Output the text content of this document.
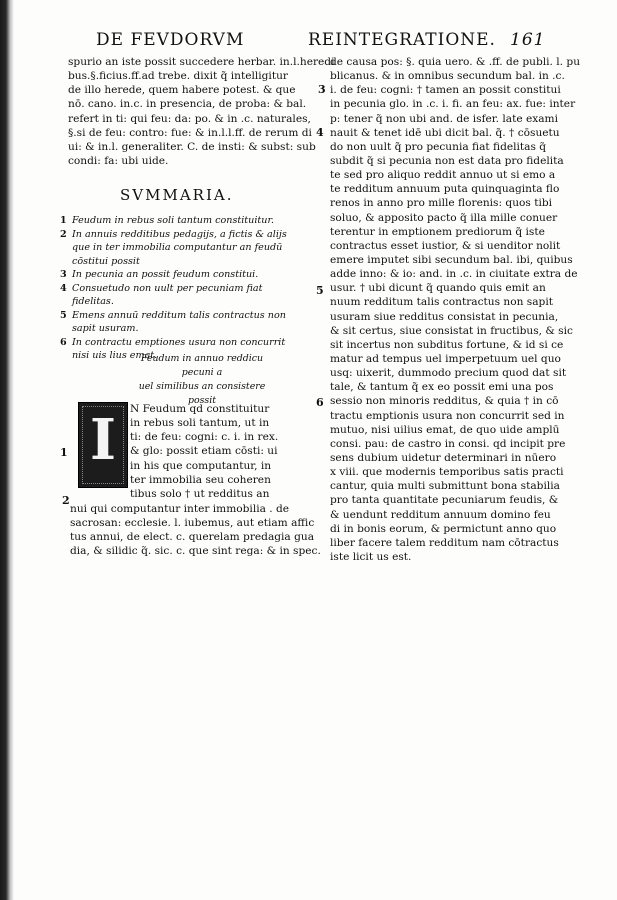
DE FEVDORVM	REINTEGRATIONE. 161
spurio an iste possit succedere herbar. in.l.heredi
bus.§.ficius.ff.ad trebe. dixit q̃ intelligitur
de illo herede, quem habere potest. & que
nō. cano. in.c. in presencia, de proba: & bal.
refert in ti: qui feu: da: po. & in .c. naturales,
§.si de feu: contro: fue: & in.l.l.ff. de rerum di
ui: & in.l. generaliter. C. de insti: & subst: sub
condi: fa: ubi uide.
SVMMARIA.
1 Feudum in rebus soli tantum constituitur.
2 In annuis redditibus pedagijs, a fictis & alijs que in ter immobilia computantur an feudū cōstitui possit
3 In pecunia an possit feudum constitui.
4 Consuetudo non uult per pecuniam fiat fidelitas.
5 Emens annuū redditum talis contractus non sapit usuram.
6 In contractu emptiones usura non concurrit nisi uis lius emat.
Feudum in annuo reddicu pecuni a
uel similibus an consistere
possit
I
1
2
N Feudum qd constituitur
in rebus soli tantum, ut in
ti: de feu: cogni: c. i. in rex.
& glo: possit etiam cōsti: ui
in his que computantur, in
ter immobilia seu coheren
tibus solo † ut redditus an
nui qui computantur inter immobilia . de
sacrosan: ecclesie. l. iubemus, aut etiam affic
tus annui, de elect. c. querelam predagia gua
dia, & silidic q̃. sic. c. que sint rega: & in spec.
3
4
5
6
de causa pos: §. quia uero. & .ff. de publi. l. pu
blicanus. & in omnibus secundum bal. in .c.
i. de feu: cogni: † tamen an possit constitui
in pecunia glo. in .c. i. fi. an feu: ax. fue: inter
p: tener q̃ non ubi and. de isfer. late exami
nauit & tenet idē ubi dicit bal. q̃. † cōsuetu
do non uult q̃ pro pecunia fiat fidelitas q̃
subdit q̃ si pecunia non est data pro fidelita
te sed pro aliquo reddit annuo ut si emo a
te redditum annuum puta quinquaginta flo
renos in anno pro mille florenis: quos tibi
soluo, & apposito pacto q̃ illa mille conuer
terentur in emptionem prediorum q̃ iste
contractus esset iustior, & si uenditor nolit
emere imputet sibi secundum bal. ibi, quibus
adde inno: & io: and. in .c. in ciuitate extra de
usur. † ubi dicunt q̃ quando quis emit an
nuum redditum talis contractus non sapit
usuram siue redditus consistat in pecunia,
& sit certus, siue consistat in fructibus, & sic
sit incertus non subditus fortune, & id si ce
matur ad tempus uel imperpetuum uel quo
usq: uixerit, dummodo precium quod dat sit
tale, & tantum q̃ ex eo possit emi una pos
sessio non minoris redditus, & quia † in cō
tractu emptionis usura non concurrit sed in
mutuo, nisi uilius emat, de quo uide amplū
consi. pau: de castro in consi. qd incipit pre
sens dubium uidetur determinari in nūero
x viii. que modernis temporibus satis practi
cantur, quia multi submittunt bona stabilia
pro tanta quantitate pecuniarum feudis, &
& uendunt redditum annuum domino feu
di in bonis eorum, & permictunt anno quo
liber facere talem redditum nam cōtractus
iste licit us est.
